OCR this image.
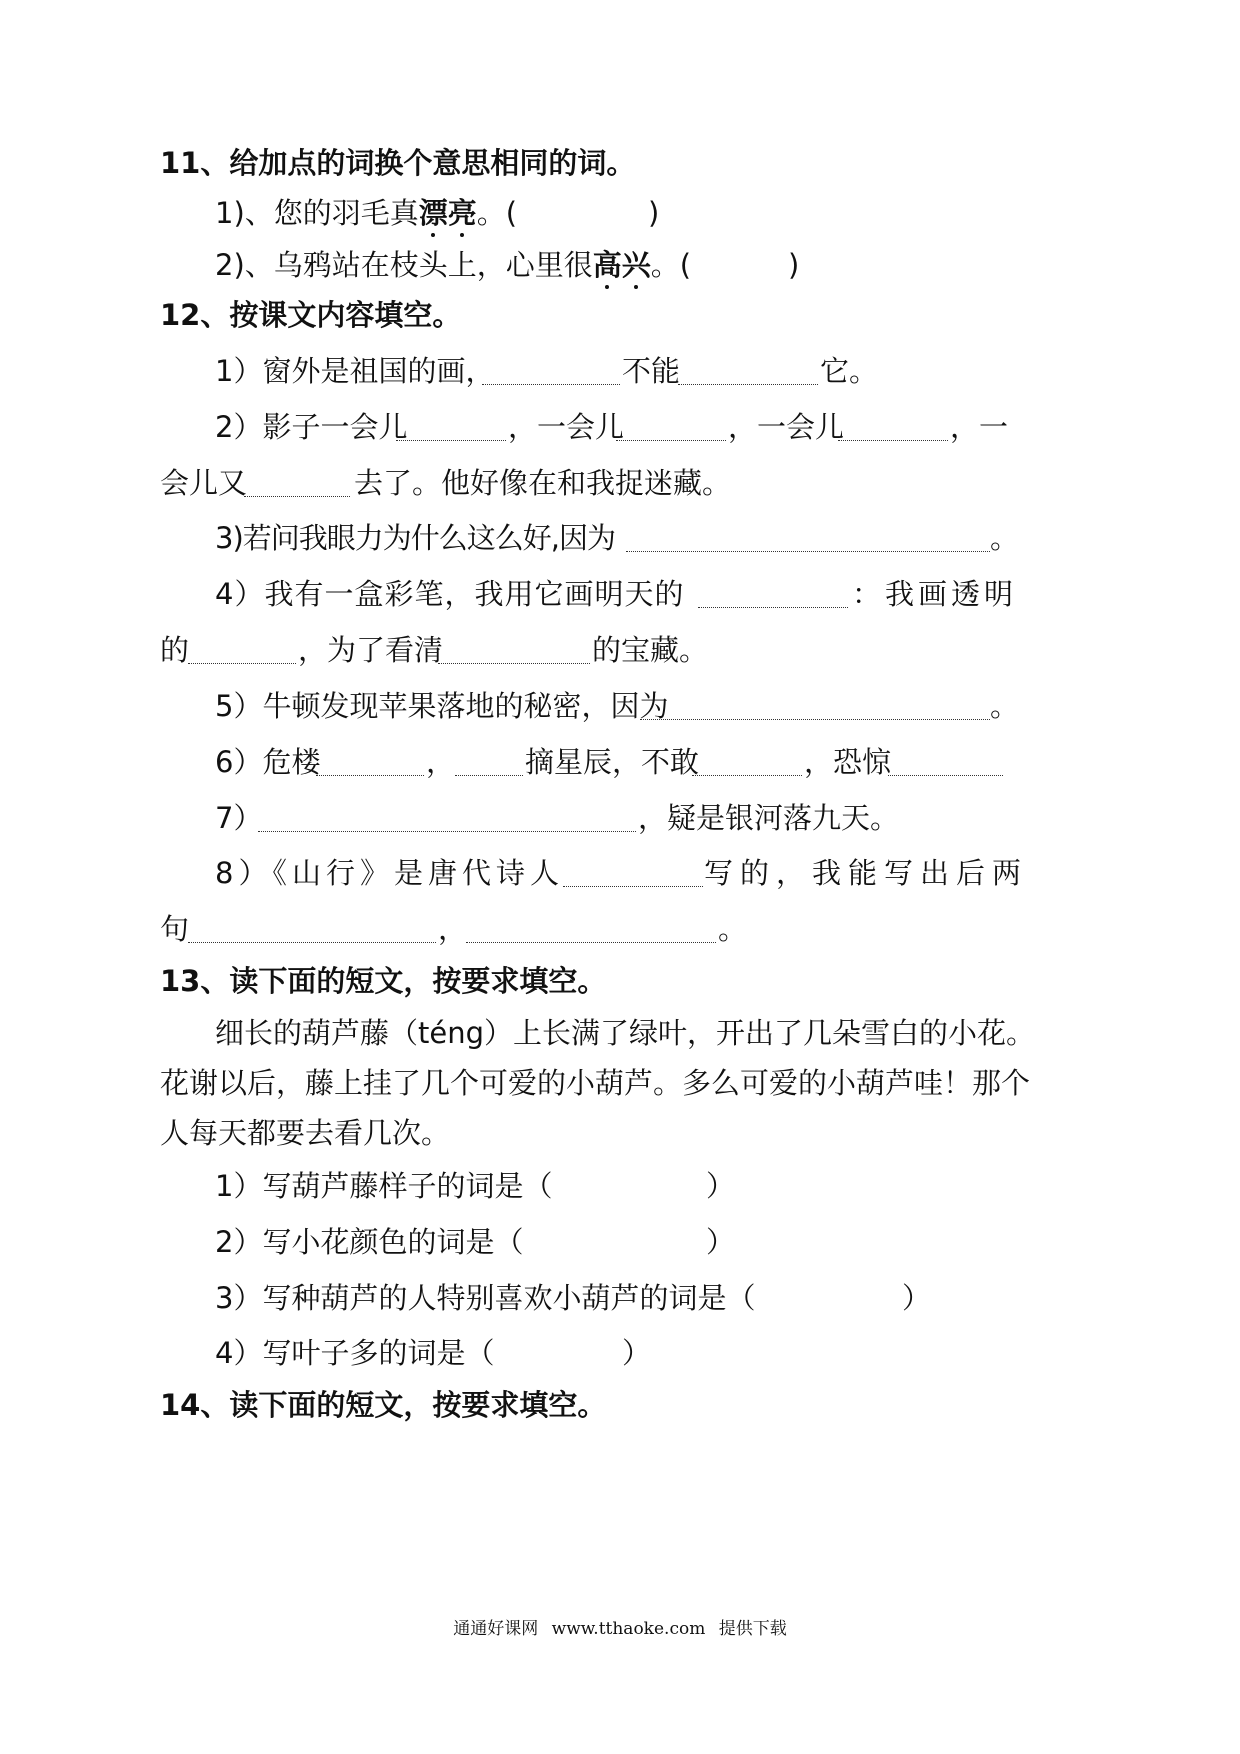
11、给加点的词换个意思相同的词。
1)、您的羽毛真漂
亮
。(	)
2)、乌鸦站在枝头上，心里很高
兴
。(	)
12、按课文内容填空。
1）窗外是祖国的画，	不能	它。
2）影子一会儿	，一会儿	，一会儿	，一
会儿又	去了。他好像在和我捉迷藏。
3)若问我眼力为什么这么好,因为	。
4）我有一盒彩笔，我用它画明天的	：我画透明
的	，为了看清	的宝藏。
5）牛顿发现苹果落地的秘密，因为	。
6）危楼	， 摘星辰，不敢	，恐惊
7）	，疑是银河落九天。
8）《山行》是唐代诗人	写的，我能写出后两
句	，	。
13、读下面的短文，按要求填空。
细长的葫芦藤（téng）上长满了绿叶，开出了几朵雪白的小花。
花谢以后，藤上挂了几个可爱的小葫芦。多么可爱的小葫芦哇！那个
人每天都要去看几次。
1）写葫芦藤样子的词是（	）
2）写小花颜色的词是（	）
3）写种葫芦的人特别喜欢小葫芦的词是（	）
4）写叶子多的词是（	）
14、读下面的短文，按要求填空。
通通好课网 www.tthaoke.com 提供下载
